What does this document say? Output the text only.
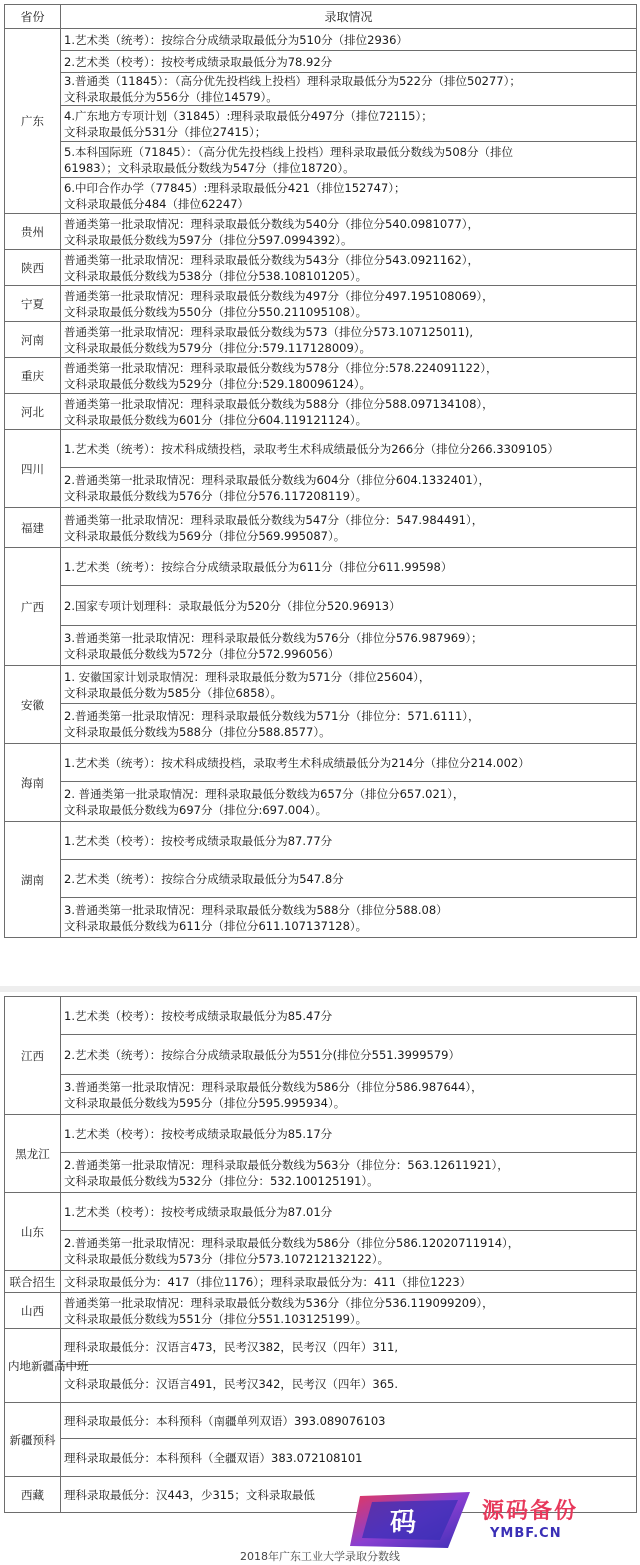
省份	录取情况
广东	1.艺术类（统考）：按综合分成绩录取最低分为510分（排位2936）

	2.艺术类（校考）：按校考成绩录取最低分为78.92分

	3.普通类（11845）：（高分优先投档线上投档）理科录取最低分为522分（排位50277）；
文科录取最低分为556分（排位14579）。

	4.广东地方专项计划（31845）:理科录取最低分497分（排位72115）；
文科录取最低分531分（排位27415）；

	5.本科国际班（71845）：（高分优先投档线上投档）理科录取最低分数线为508分（排位
61983）；文科录取最低分数线为547分（排位18720）。

	6.中印合作办学（77845）:理科录取最低分421（排位152747）；
文科录取最低分484（排位62247）

贵州	普通类第一批录取情况：理科录取最低分数线为540分（排位分540.0981077），
文科录取最低分数线为597分（排位分597.0994392）。

陕西	普通类第一批录取情况：理科录取最低分数线为543分（排位分543.0921162），
文科录取最低分数线为538分（排位分538.108101205）。

宁夏	普通类第一批录取情况：理科录取最低分数线为497分（排位分497.195108069），
文科录取最低分数线为550分（排位分550.211095108）。

河南	普通类第一批录取情况：理科录取最低分数线为573（排位分573.107125011),
文科录取最低分数线为579分（排位分:579.117128009）。

重庆	普通类第一批录取情况：理科录取最低分数线为578分（排位分:578.224091122），
文科录取最低分数线为529分（排位分:529.180096124）。

河北	普通类第一批录取情况：理科录取最低分数线为588分（排位分588.097134108），
文科录取最低分数线为601分（排位分604.119121124）。

四川	1.艺术类（统考）：按术科成绩投档，录取考生术科成绩最低分为266分（排位分266.3309105）

	2.普通类第一批录取情况：理科录取最低分数线为604分（排位分604.1332401），
文科录取最低分数线为576分（排位分576.117208119）。

福建	普通类第一批录取情况：理科录取最低分数线为547分（排位分：547.984491），
文科录取最低分数线为569分（排位分569.995087）。

广西	1.艺术类（统考）：按综合分成绩录取最低分为611分（排位分611.99598）

	2.国家专项计划理科：录取最低分为520分（排位分520.96913）

	3.普通类第一批录取情况：理科录取最低分数线为576分（排位分576.987969）；
文科录取最低分数线为572分（排位分572.996056）

安徽	1. 安徽国家计划录取情况：理科录取最低分数为571分（排位25604），
文科录取最低分数为585分（排位6858）。

	2.普通类第一批录取情况：理科录取最低分数线为571分（排位分：571.6111），
文科录取最低分数线为588分（排位分588.8577）。

海南	1.艺术类（统考）：按术科成绩投档，录取考生术科成绩最低分为214分（排位分214.002）

	2. 普通类第一批录取情况：理科录取最低分数线为657分（排位分657.021），
文科录取最低分数线为697分（排位分:697.004）。

湖南	1.艺术类（校考）：按校考成绩录取最低分为87.77分

	2.艺术类（统考）：按综合分成绩录取最低分为547.8分

	3.普通类第一批录取情况：理科录取最低分数线为588分（排位分588.08）
文科录取最低分数线为611分（排位分611.107137128）。
江西	1.艺术类（校考）：按校考成绩录取最低分为85.47分

	2.艺术类（统考）：按综合分成绩录取最低分为551分(排位分551.3999579）

	3.普通类第一批录取情况：理科录取最低分数线为586分（排位分586.987644），
文科录取最低分数线为595分（排位分595.995934）。

黑龙江	1.艺术类（校考）：按校考成绩录取最低分为85.17分

	2.普通类第一批录取情况：理科录取最低分数线为563分（排位分：563.12611921），
文科录取最低分数线为532分（排位分：532.100125191）。

山东	1.艺术类（校考）：按校考成绩录取最低分为87.01分

	2.普通类第一批录取情况：理科录取最低分数线为586分（排位分586.12020711914），
文科录取最低分数线为573分（排位分573.107212132122）。

联合招生	文科录取最低分为：417（排位1176）；理科录取最低分为：411（排位1223）

山西	普通类第一批录取情况：理科录取最低分数线为536分（排位分536.119099209），
文科录取最低分数线为551分（排位分551.103125199）。

内地新疆高中班	理科录取最低分：汉语言473，民考汉382，民考汉（四年）311,

	文科录取最低分：汉语言491，民考汉342，民考汉（四年）365.

新疆预科	理科录取最低分：本科预科（南疆单列双语）393.089076103

	理科录取最低分：本科预科（全疆双语）383.072108101

西藏	理科录取最低分：汉443，少315；文科录取最低
2018年广东工业大学录取分数线
码	源码备份
YMBF.CN
